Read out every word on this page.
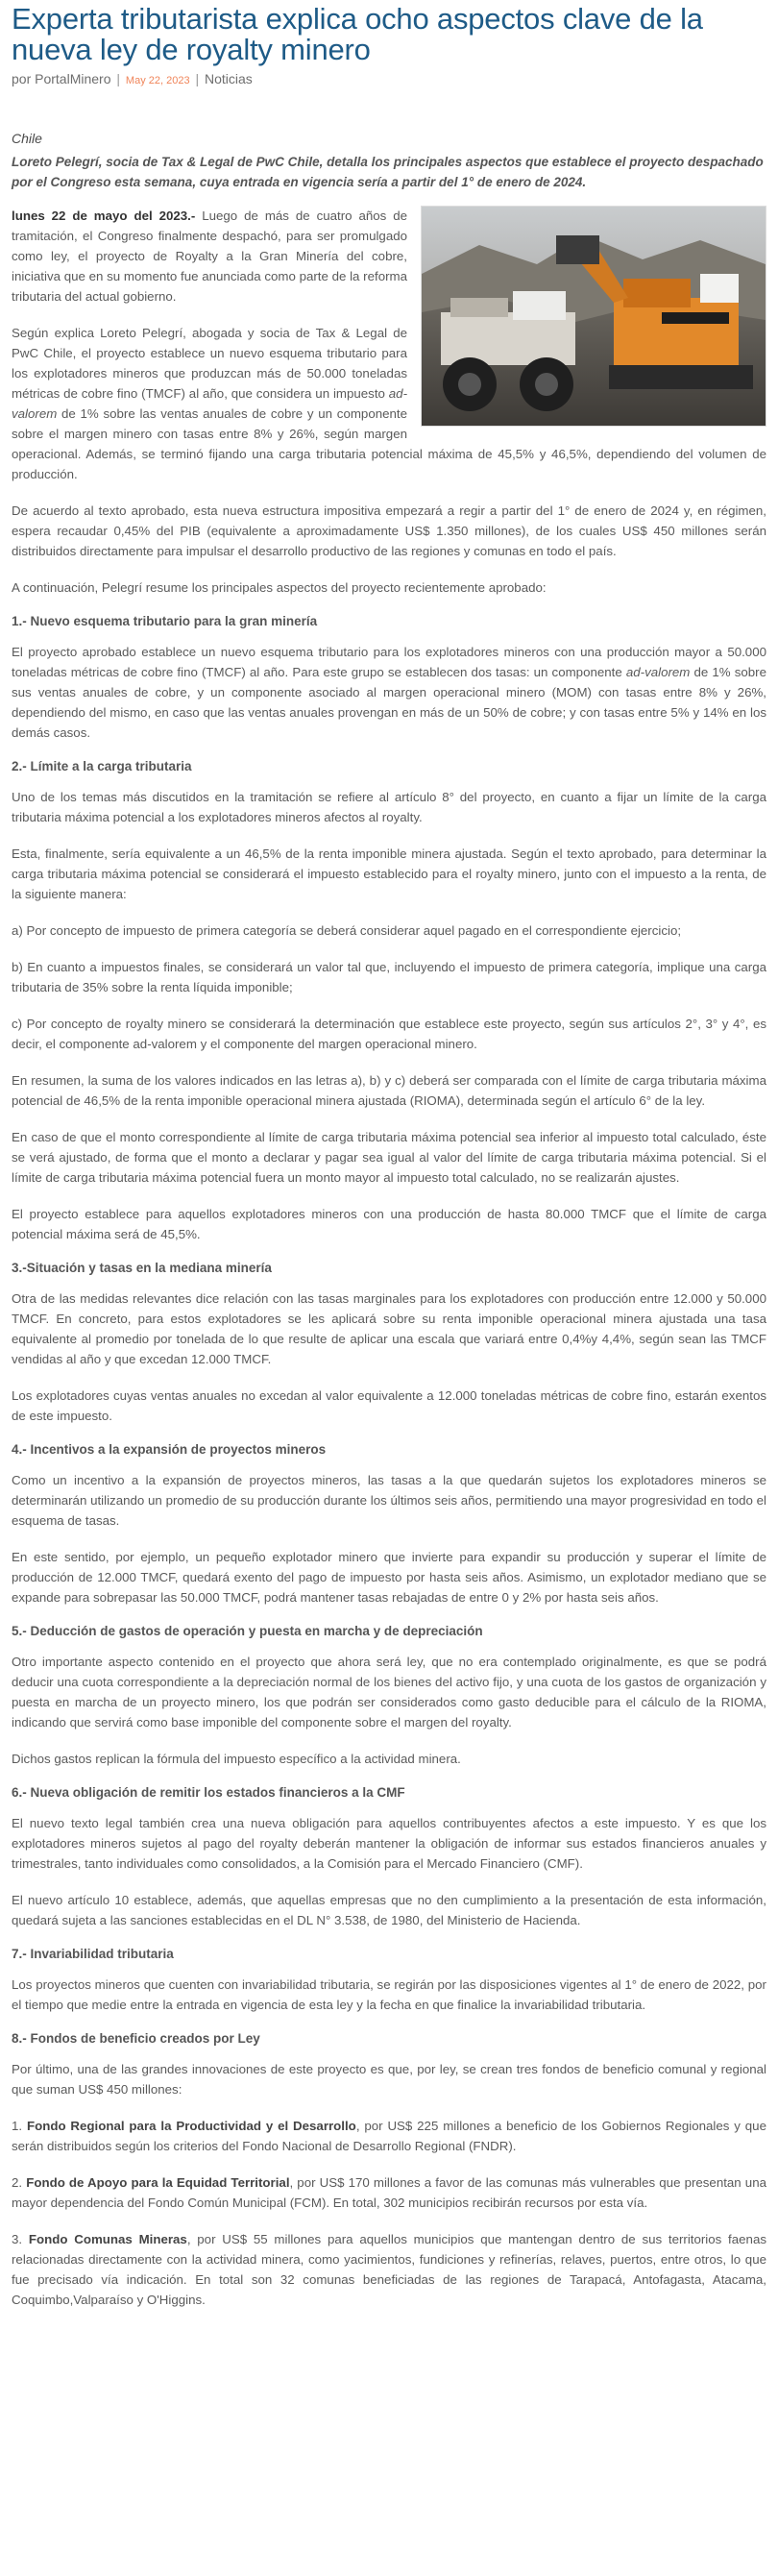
Experta tributarista explica ocho aspectos clave de la nueva ley de royalty minero
por PortalMinero | May 22, 2023 | Noticias
Chile
Loreto Pelegrí, socia de Tax & Legal de PwC Chile, detalla los principales aspectos que establece el proyecto despachado por el Congreso esta semana, cuya entrada en vigencia sería a partir del 1° de enero de 2024.

lunes 22 de mayo del 2023.- Luego de más de cuatro años de tramitación, el Congreso finalmente despachó, para ser promulgado como ley, el proyecto de Royalty a la Gran Minería del cobre, iniciativa que en su momento fue anunciada como parte de la reforma tributaria del actual gobierno.

Según explica Loreto Pelegrí, abogada y socia de Tax & Legal de PwC Chile, el proyecto establece un nuevo esquema tributario para los explotadores mineros que produzcan más de 50.000 toneladas métricas de cobre fino (TMCF) al año, que considera un impuesto ad-valorem de 1% sobre las ventas anuales de cobre y un componente sobre el margen minero con tasas entre 8% y 26%, según margen operacional. Además, se terminó fijando una carga tributaria potencial máxima de 45,5% y 46,5%, dependiendo del volumen de producción.

De acuerdo al texto aprobado, esta nueva estructura impositiva empezará a regir a partir del 1° de enero de 2024 y, en régimen, espera recaudar 0,45% del PIB (equivalente a aproximadamente US$ 1.350 millones), de los cuales US$ 450 millones serán distribuidos directamente para impulsar el desarrollo productivo de las regiones y comunas en todo el país.

A continuación, Pelegrí resume los principales aspectos del proyecto recientemente aprobado:

1.- Nuevo esquema tributario para la gran minería

El proyecto aprobado establece un nuevo esquema tributario para los explotadores mineros con una producción mayor a 50.000 toneladas métricas de cobre fino (TMCF) al año. Para este grupo se establecen dos tasas: un componente ad-valorem de 1% sobre sus ventas anuales de cobre, y un componente asociado al margen operacional minero (MOM) con tasas entre 8% y 26%, dependiendo del mismo, en caso que las ventas anuales provengan en más de un 50% de cobre; y con tasas entre 5% y 14% en los demás casos.

2.- Límite a la carga tributaria

Uno de los temas más discutidos en la tramitación se refiere al artículo 8° del proyecto, en cuanto a fijar un límite de la carga tributaria máxima potencial a los explotadores mineros afectos al royalty.

Esta, finalmente, sería equivalente a un 46,5% de la renta imponible minera ajustada. Según el texto aprobado, para determinar la carga tributaria máxima potencial se considerará el impuesto establecido para el royalty minero, junto con el impuesto a la renta, de la siguiente manera:

a) Por concepto de impuesto de primera categoría se deberá considerar aquel pagado en el correspondiente ejercicio;

b) En cuanto a impuestos finales, se considerará un valor tal que, incluyendo el impuesto de primera categoría, implique una carga tributaria de 35% sobre la renta líquida imponible;

c) Por concepto de royalty minero se considerará la determinación que establece este proyecto, según sus artículos 2°, 3° y 4°, es decir, el componente ad-valorem y el componente del margen operacional minero.

En resumen, la suma de los valores indicados en las letras a), b) y c) deberá ser comparada con el límite de carga tributaria máxima potencial de 46,5% de la renta imponible operacional minera ajustada (RIOMA), determinada según el artículo 6° de la ley.

En caso de que el monto correspondiente al límite de carga tributaria máxima potencial sea inferior al impuesto total calculado, éste se verá ajustado, de forma que el monto a declarar y pagar sea igual al valor del límite de carga tributaria máxima potencial. Si el límite de carga tributaria máxima potencial fuera un monto mayor al impuesto total calculado, no se realizarán ajustes.

El proyecto establece para aquellos explotadores mineros con una producción de hasta 80.000 TMCF que el límite de carga potencial máxima será de 45,5%.

3.-Situación y tasas en la mediana minería

Otra de las medidas relevantes dice relación con las tasas marginales para los explotadores con producción entre 12.000 y 50.000 TMCF. En concreto, para estos explotadores se les aplicará sobre su renta imponible operacional minera ajustada una tasa equivalente al promedio por tonelada de lo que resulte de aplicar una escala que variará entre 0,4%y 4,4%, según sean las TMCF vendidas al año y que excedan 12.000 TMCF.

Los explotadores cuyas ventas anuales no excedan al valor equivalente a 12.000 toneladas métricas de cobre fino, estarán exentos de este impuesto.

4.- Incentivos a la expansión de proyectos mineros

Como un incentivo a la expansión de proyectos mineros, las tasas a la que quedarán sujetos los explotadores mineros se determinarán utilizando un promedio de su producción durante los últimos seis años, permitiendo una mayor progresividad en todo el esquema de tasas.

En este sentido, por ejemplo, un pequeño explotador minero que invierte para expandir su producción y superar el límite de producción de 12.000 TMCF, quedará exento del pago de impuesto por hasta seis años. Asimismo, un explotador mediano que se expande para sobrepasar las 50.000 TMCF, podrá mantener tasas rebajadas de entre 0 y 2% por hasta seis años.

5.- Deducción de gastos de operación y puesta en marcha y de depreciación

Otro importante aspecto contenido en el proyecto que ahora será ley, que no era contemplado originalmente, es que se podrá deducir una cuota correspondiente a la depreciación normal de los bienes del activo fijo, y una cuota de los gastos de organización y puesta en marcha de un proyecto minero, los que podrán ser considerados como gasto deducible para el cálculo de la RIOMA, indicando que servirá como base imponible del componente sobre el margen del royalty.

Dichos gastos replican la fórmula del impuesto específico a la actividad minera.

6.- Nueva obligación de remitir los estados financieros a la CMF

El nuevo texto legal también crea una nueva obligación para aquellos contribuyentes afectos a este impuesto. Y es que los explotadores mineros sujetos al pago del royalty deberán mantener la obligación de informar sus estados financieros anuales y trimestrales, tanto individuales como consolidados, a la Comisión para el Mercado Financiero (CMF).

El nuevo artículo 10 establece, además, que aquellas empresas que no den cumplimiento a la presentación de esta información, quedará sujeta a las sanciones establecidas en el DL N° 3.538, de 1980, del Ministerio de Hacienda.

7.- Invariabilidad tributaria

Los proyectos mineros que cuenten con invariabilidad tributaria, se regirán por las disposiciones vigentes al 1° de enero de 2022, por el tiempo que medie entre la entrada en vigencia de esta ley y la fecha en que finalice la invariabilidad tributaria.

8.- Fondos de beneficio creados por Ley

Por último, una de las grandes innovaciones de este proyecto es que, por ley, se crean tres fondos de beneficio comunal y regional que suman US$ 450 millones:

1. Fondo Regional para la Productividad y el Desarrollo, por US$ 225 millones a beneficio de los Gobiernos Regionales y que serán distribuidos según los criterios del Fondo Nacional de Desarrollo Regional (FNDR).

2. Fondo de Apoyo para la Equidad Territorial, por US$ 170 millones a favor de las comunas más vulnerables que presentan una mayor dependencia del Fondo Común Municipal (FCM). En total, 302 municipios recibirán recursos por esta vía.

3. Fondo Comunas Mineras, por US$ 55 millones para aquellos municipios que mantengan dentro de sus territorios faenas relacionadas directamente con la actividad minera, como yacimientos, fundiciones y refinerías, relaves, puertos, entre otros, lo que fue precisado vía indicación. En total son 32 comunas beneficiadas de las regiones de Tarapacá, Antofagasta, Atacama, Coquimbo,Valparaíso y O'Higgins.
